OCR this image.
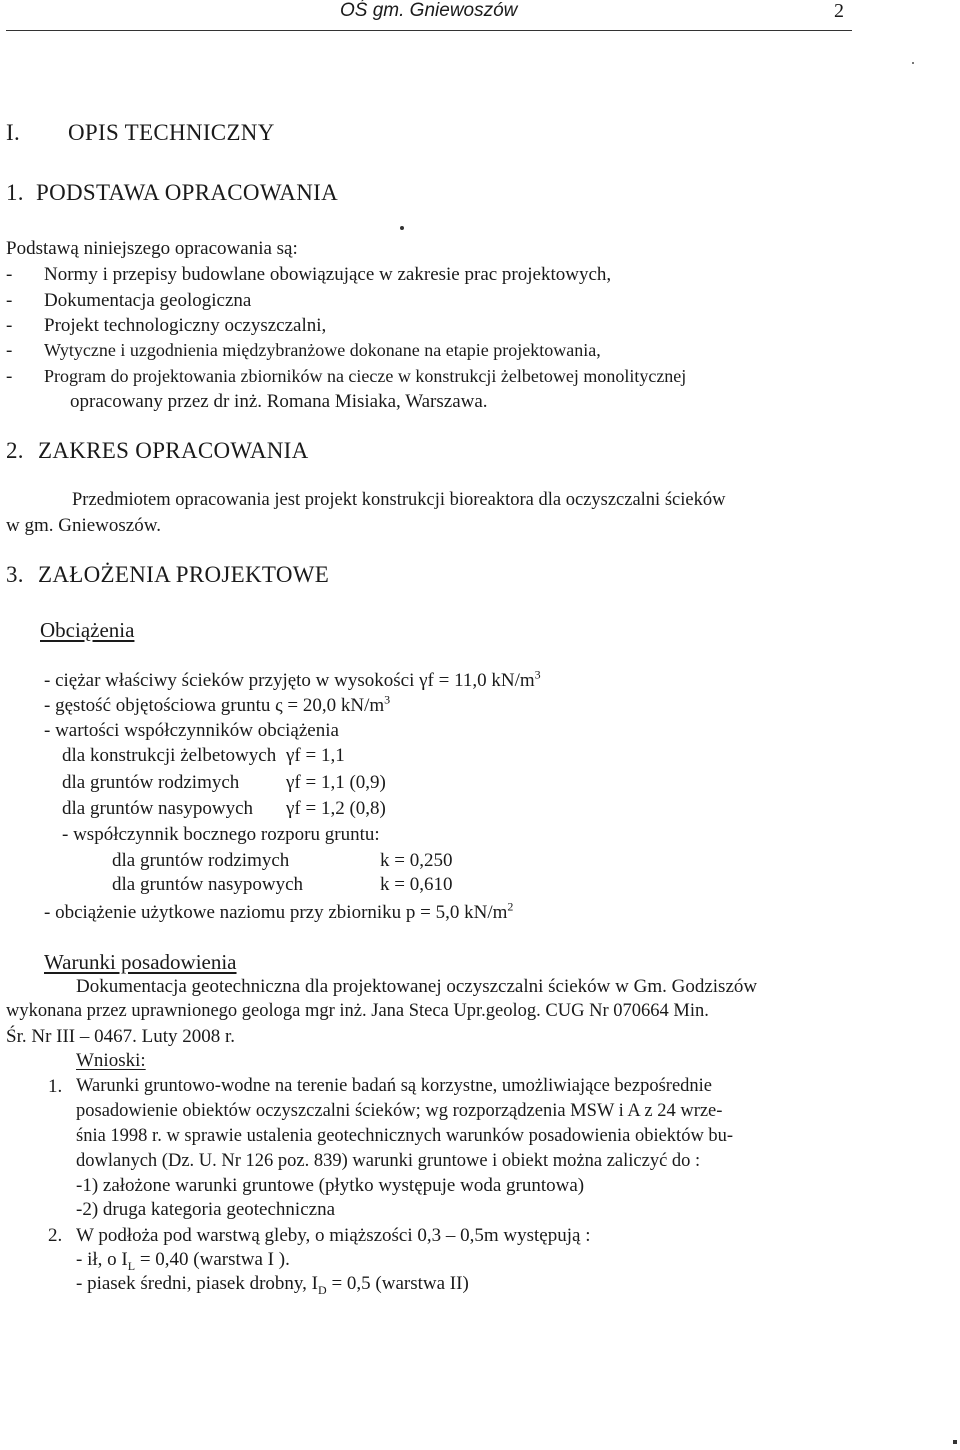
OŚ gm. Gniewoszów	2
I. OPIS TECHNICZNY
1. PODSTAWA OPRACOWANIA
Podstawą niniejszego opracowania są:
- Normy i przepisy budowlane obowiązujące w zakresie prac projektowych,
- Dokumentacja geologiczna
- Projekt technologiczny oczyszczalni,
- Wytyczne i uzgodnienia międzybranżowe dokonane na etapie projektowania,
- Program do projektowania zbiorników na ciecze w konstrukcji żelbetowej monolitycznej
opracowany przez dr inż. Romana Misiaka, Warszawa.
2. ZAKRES OPRACOWANIA
Przedmiotem opracowania jest projekt konstrukcji bioreaktora dla oczyszczalni ścieków
w gm. Gniewoszów.
3. ZAŁOŻENIA PROJEKTOWE
Obciążenia
- ciężar właściwy ścieków przyjęto w wysokości γf = 11,0 $kN/m^3$
- gęstość objętościowa gruntu ς = 20,0 $kN/m^3$
- wartości współczynników obciążenia
dla konstrukcji żelbetowych γf = 1,1
dla gruntów rodzimych γf = 1,1 (0,9)
dla gruntów nasypowych γf = 1,2 (0,8)
- współczynnik bocznego rozporu gruntu:
dla gruntów rodzimych	k = 0,250
dla gruntów nasypowych	k = 0,610
- obciążenie użytkowe naziomu przy zbiorniku p = 5,0 $kN/m^2$
Warunki posadowienia
Dokumentacja geotechniczna dla projektowanej oczyszczalni ścieków w Gm. Godziszów
wykonana przez uprawnionego geologa mgr inż. Jana Steca Upr.geolog. CUG Nr 070664 Min.
Śr. Nr III – 0467. Luty 2008 r.
Wnioski:
1. Warunki gruntowo-wodne na terenie badań są korzystne, umożliwiające bezpośrednie
posadowienie obiektów oczyszczalni ścieków; wg rozporządzenia MSW i A z 24 wrze-
śnia 1998 r. w sprawie ustalenia geotechnicznych warunków posadowienia obiektów bu-
dowlanych (Dz. U. Nr 126 poz. 839) warunki gruntowe i obiekt można zaliczyć do :
-1) założone warunki gruntowe (płytko występuje woda gruntowa)
-2) druga kategoria geotechniczna
2. W podłoża pod warstwą gleby, o miąższości 0,3 – 0,5m występują :
- ił, o $I_L = 0,40$ (warstwa I ).
- piasek średni, piasek drobny, $I_D = 0,5$ (warstwa II)
